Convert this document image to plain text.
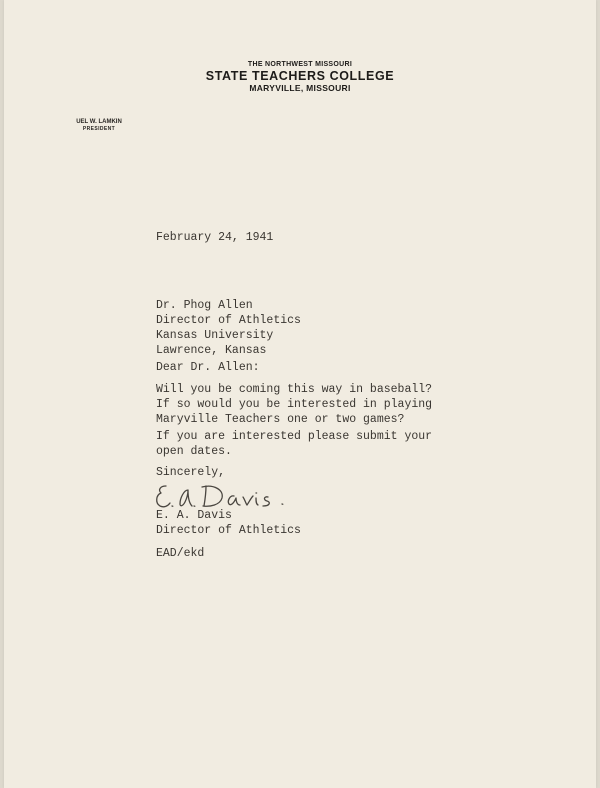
THE NORTHWEST MISSOURI
STATE TEACHERS COLLEGE
MARYVILLE, MISSOURI
UEL W. LAMKIN
PRESIDENT
February 24, 1941
Dr. Phog Allen
Director of Athletics
Kansas University
Lawrence, Kansas
Dear Dr. Allen:
Will you be coming this way in baseball?
If so would you be interested in playing
Maryville Teachers one or two games?
If you are interested please submit your
open dates.
Sincerely,
E. A. Davis
Director of Athletics
EAD/ekd
